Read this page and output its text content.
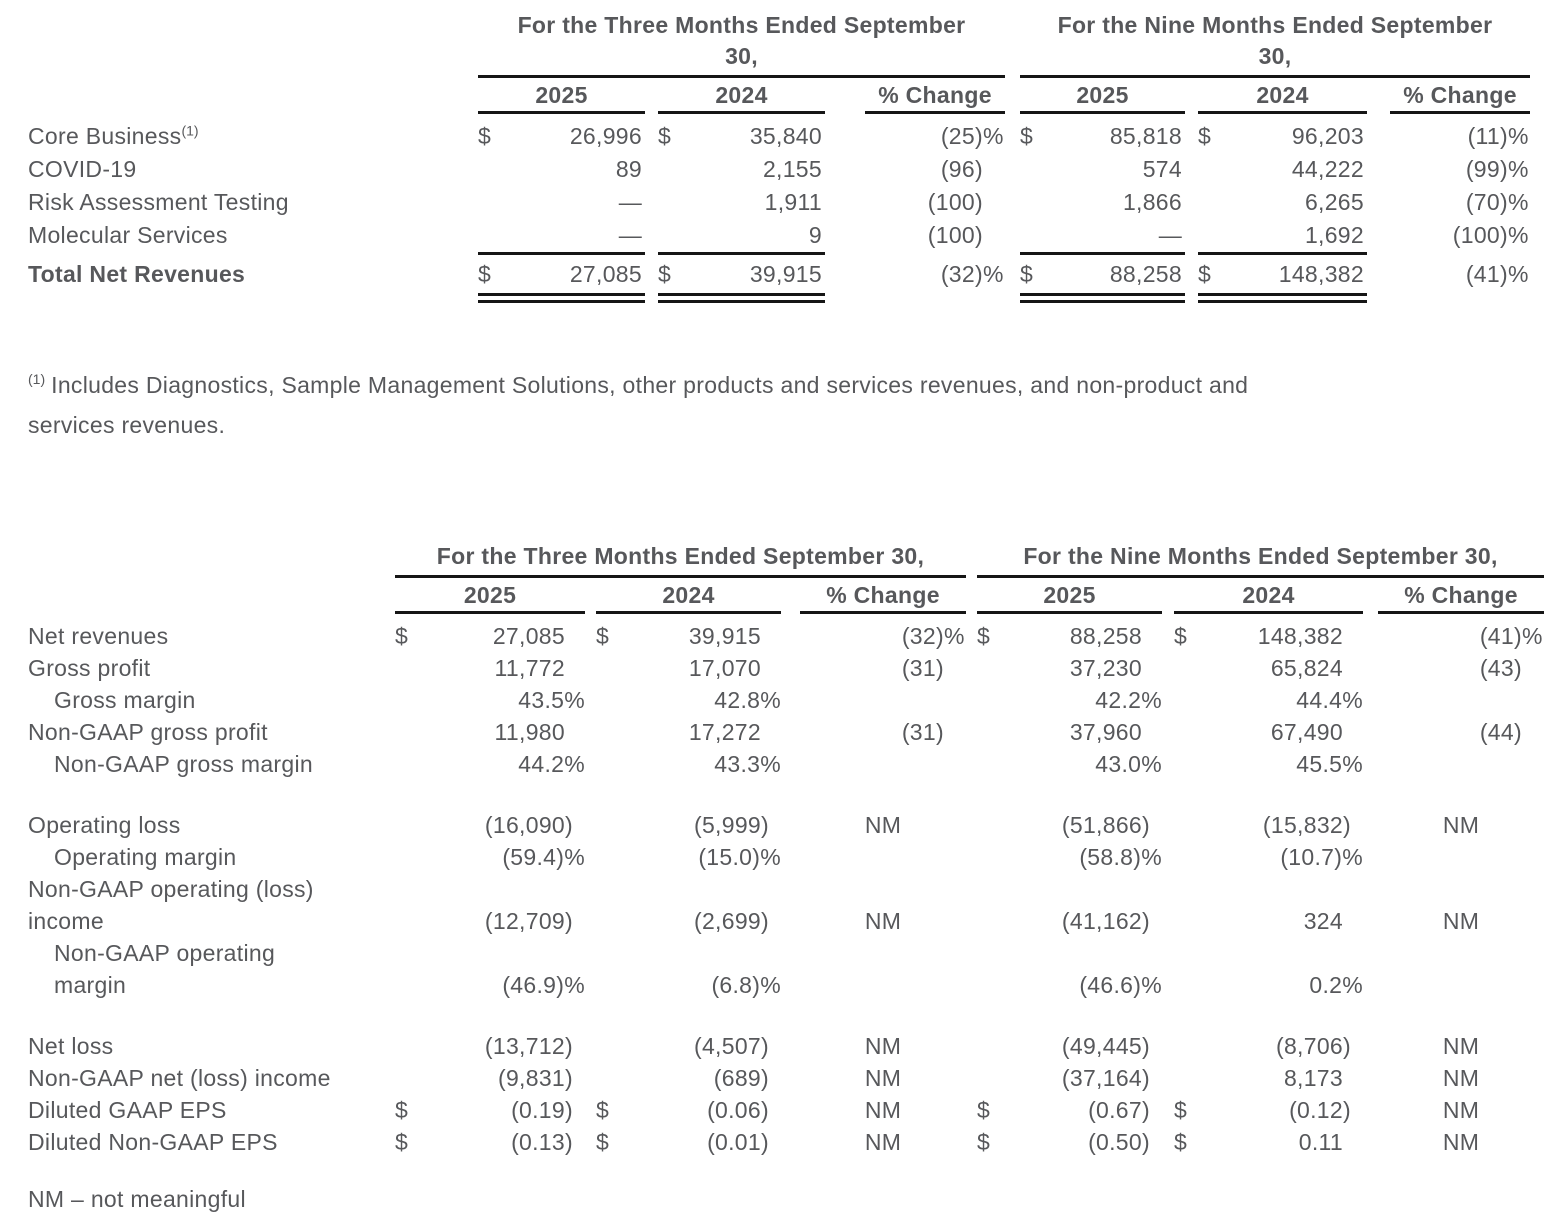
	For the Three Months Ended September
30,						For the Nine Months Ended September
30,				
	2025		2024		% Change		2025		2024		% Change
Core Business$^{(1)}$	$ 26,996		$ 35,840		(25 )%		$ 85,818		$ 96,203		(11 )%

COVID-19	89		2,155		(96 )		574		44,222		(99 )%

Risk Assessment Testing	—		1,911		(100 )		1,866		6,265		(70 )%

Molecular Services	—		9		(100 )		—		1,692		(100 )%

Total Net Revenues	$ 27,085		$ 39,915		(32 )%		$ 88,258		$ 148,382		(41 )%

$^{(1)}$ Includes Diagnostics, Sample Management Solutions, other products and services revenues, and non-product and
services revenues.

	For the Three Months Ended September 30,						For the Nine Months Ended September 30,				
	2025		2024		% Change		2025		2024		% Change
Net revenues	$ 27,085		$ 39,915		(32 )%		$ 88,258		$ 148,382		(41 )%

Gross profit	11,772		17,070		(31 )		37,230		65,824		(43 )

Gross margin	43.5 %		42.8 %				42.2 %		44.4 %		

Non-GAAP gross profit	11,980		17,272		(31 )		37,960		67,490		(44 )

Non-GAAP gross margin	44.2 %		43.3 %				43.0 %		45.5 %		

Operating loss	(16,090 )		(5,999 )		NM		(51,866 )		(15,832 )		NM
Operating margin	(59.4 )%		(15.0 )%				(58.8 )%		(10.7 )%		

Non-GAAP operating (loss)
income	(12,709 )		(2,699 )		NM		(41,162 )		324		NM
Non-GAAP operating
margin	(46.9 )%		(6.8 )%				(46.6 )%		0.2 %		

Net loss	(13,712 )		(4,507 )		NM		(49,445 )		(8,706 )		NM
Non-GAAP net (loss) income	(9,831 )		(689 )		NM		(37,164 )		8,173		NM
Diluted GAAP EPS	$ (0.19 )		$ (0.06 )		NM		$ (0.67 )		$ (0.12 )		NM
Diluted Non-GAAP EPS	$ (0.13 )		$ (0.01 )		NM		$ (0.50 )		$ 0.11		NM
NM – not meaningful
